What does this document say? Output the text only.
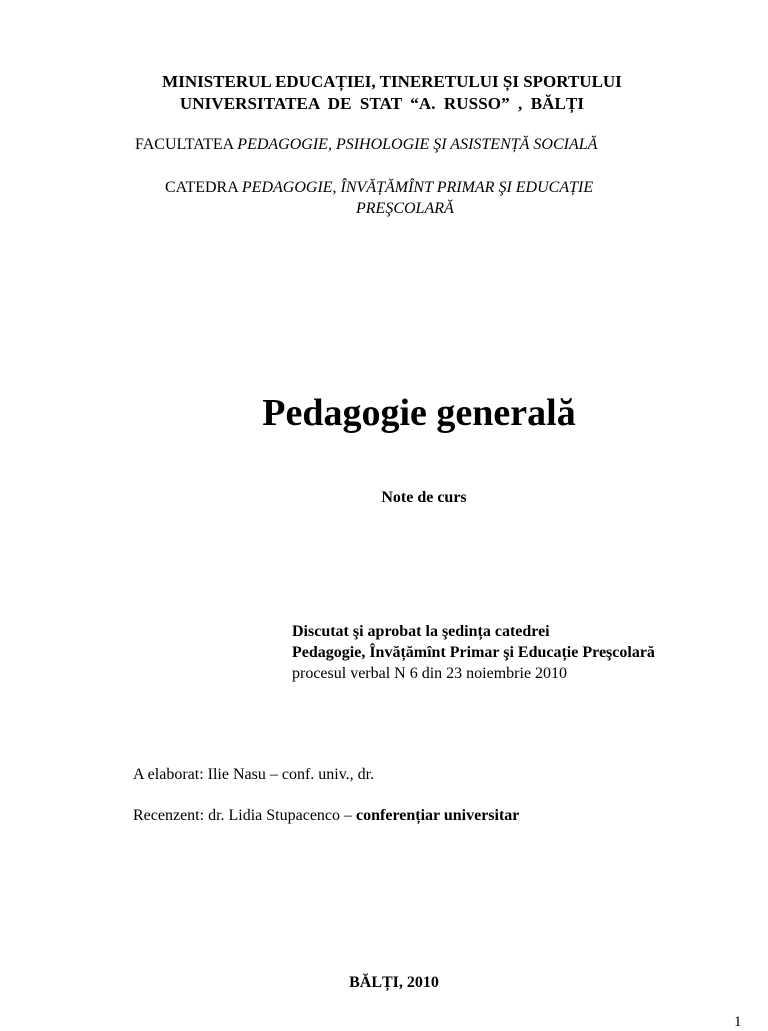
MINISTERUL EDUCAȚIEI, TINERETULUI ȘI SPORTULUI
UNIVERSITATEA DE STAT “A. RUSSO” , BĂLȚI
FACULTATEA PEDAGOGIE, PSIHOLOGIE ŞI ASISTENȚĂ SOCIALĂ
CATEDRA PEDAGOGIE, ÎNVĂȚĂMÎNT PRIMAR ŞI EDUCAȚIE
PREŞCOLARĂ
Pedagogie generală
Note de curs
Discutat şi aprobat la şedința catedrei
Pedagogie, Învățămînt Primar şi Educație Preşcolară
procesul verbal N 6 din 23 noiembrie 2010
A elaborat: Ilie Nasu – conf. univ., dr.
Recenzent: dr. Lidia Stupacenco – conferențiar universitar
BĂLȚI, 2010
1
